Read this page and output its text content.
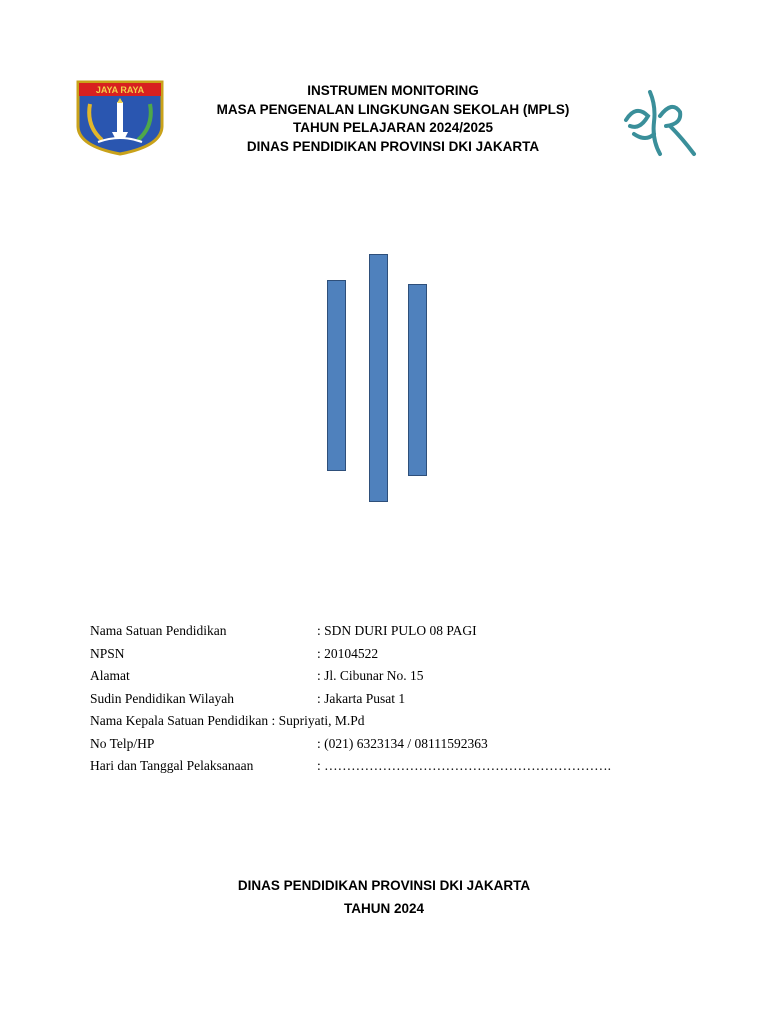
JAYA RAYA	INSTRUMEN MONITORING
MASA PENGENALAN LINGKUNGAN SEKOLAH (MPLS)
TAHUN PELAJARAN 2024/2025
DINAS PENDIDIKAN PROVINSI DKI JAKARTA
Nama Satuan Pendidikan	: SDN DURI PULO 08 PAGI
NPSN	: 20104522
Alamat	: Jl. Cibunar No. 15
Sudin Pendidikan Wilayah	: Jakarta Pusat 1
Nama Kepala Satuan Pendidikan : Supriyati, M.Pd
No Telp/HP	: (021) 6323134 / 08111592363
Hari dan Tanggal Pelaksanaan	: ……………………………………………………….
DINAS PENDIDIKAN PROVINSI DKI JAKARTA
TAHUN 2024
